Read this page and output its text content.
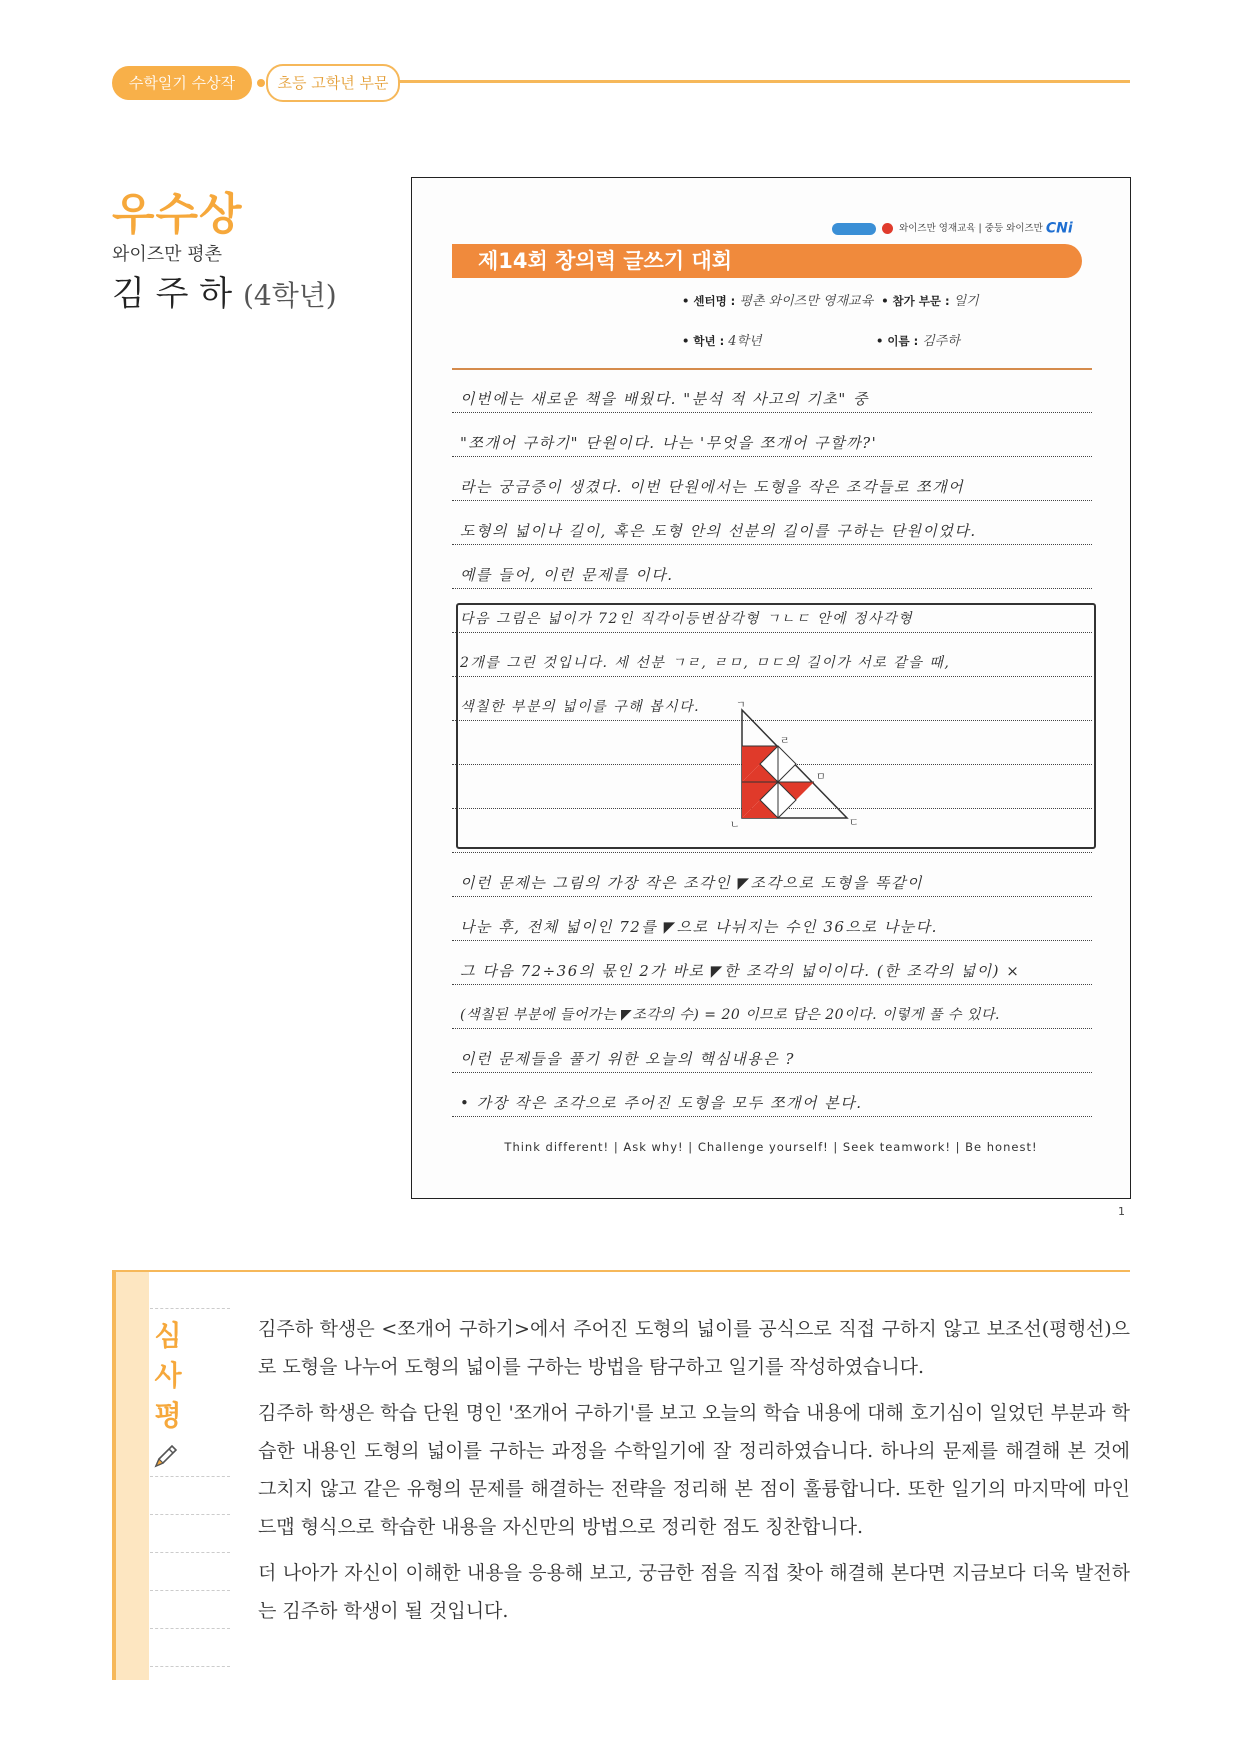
수학일기 수상작	초등 고학년 부문
우수상
와이즈만 평촌
김 주 하 (4학년)
와이즈만 영재교육 | 중등 와이즈만 CNi
제14회 창의력 글쓰기 대회
• 센터명 : 평촌 와이즈만 영재교육 • 참가 부문 : 일기
• 학년 : 4학년	• 이름 : 김주하
이번에는 새로운 책을 배웠다. "분석 적 사고의 기초" 중
"쪼개어 구하기" 단원이다. 나는 '무엇을 쪼개어 구할까?'
라는 궁금증이 생겼다. 이번 단원에서는 도형을 작은 조각들로 쪼개어
도형의 넓이나 길이, 혹은 도형 안의 선분의 길이를 구하는 단원이었다.
예를 들어, 이런 문제를 이다.
다음 그림은 넓이가 72인 직각이등변삼각형 ㄱㄴㄷ 안에 정사각형
2개를 그린 것입니다. 세 선분 ㄱㄹ, ㄹㅁ, ㅁㄷ의 길이가 서로 같을 때,
색칠한 부분의 넓이를 구해 봅시다.	ㄱ
ㄹ
ㅁ
ㄴ	ㄷ
이런 문제는 그림의 가장 작은 조각인 ◤조각으로 도형을 똑같이
나눈 후, 전체 넓이인 72를 ◤으로 나뉘지는 수인 36으로 나눈다.
그 다음 72÷36의 몫인 2가 바로 ◤한 조각의 넓이이다. (한 조각의 넓이) ×
(색칠된 부분에 들어가는 ◤조각의 수) = 20 이므로 답은 20이다. 이렇게 풀 수 있다.
이런 문제들을 풀기 위한 오늘의 핵심내용은 ?
• 가장 작은 조각으로 주어진 도형을 모두 쪼개어 본다.
Think different! | Ask why! | Challenge yourself! | Seek teamwork! | Be honest!
1
심
사
평

김주하 학생은 <쪼개어 구하기>에서 주어진 도형의 넓이를 공식으로 직접 구하지 않고 보조선(평행선)으로 도형을 나누어 도형의 넓이를 구하는 방법을 탐구하고 일기를 작성하였습니다.

김주하 학생은 학습 단원 명인 '쪼개어 구하기'를 보고 오늘의 학습 내용에 대해 호기심이 일었던 부분과 학습한 내용인 도형의 넓이를 구하는 과정을 수학일기에 잘 정리하였습니다. 하나의 문제를 해결해 본 것에 그치지 않고 같은 유형의 문제를 해결하는 전략을 정리해 본 점이 훌륭합니다. 또한 일기의 마지막에 마인드맵 형식으로 학습한 내용을 자신만의 방법으로 정리한 점도 칭찬합니다.

더 나아가 자신이 이해한 내용을 응용해 보고, 궁금한 점을 직접 찾아 해결해 본다면 지금보다 더욱 발전하는 김주하 학생이 될 것입니다.
